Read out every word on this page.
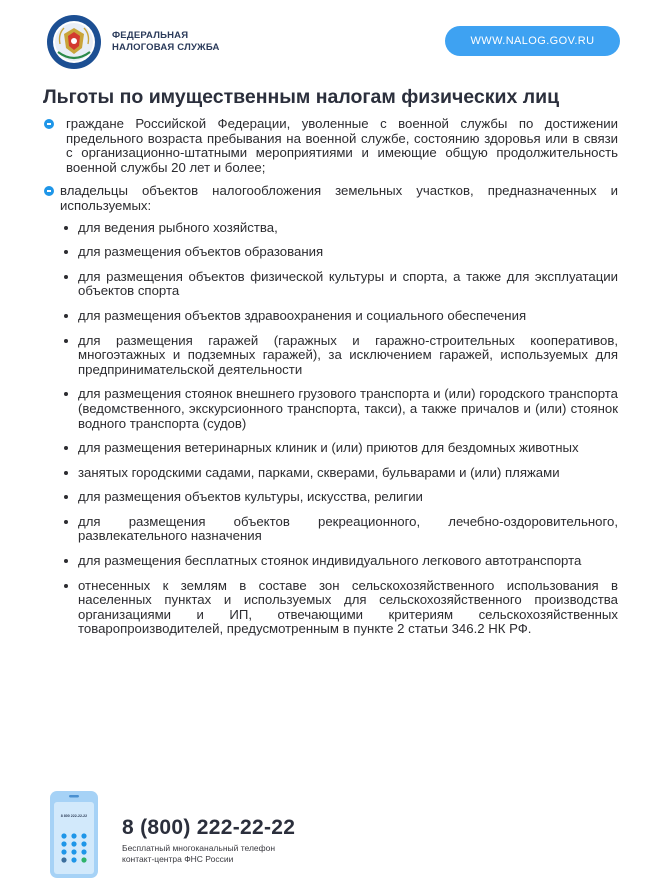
ФЕДЕРАЛЬНАЯ
НАЛОГОВАЯ СЛУЖБА	WWW.NALOG.GOV.RU
Льготы по имущественным налогам физических лиц

граждане Российской Федерации, уволенные с военной службы по достижении предельного возраста пребывания на военной службе, состоянию здоровья или в связи с организационно-штатными мероприятиями и имеющие общую продолжительность военной службы 20 лет и более;

владельцы объектов налогообложения земельных участков, предназначенных и используемых:

для ведения рыбного хозяйства,
для размещения объектов образования
для размещения объектов физической культуры и спорта, а также для эксплуатации объектов спорта
для размещения объектов здравоохранения и социального обеспечения
для размещения гаражей (гаражных и гаражно-строительных кооперативов, многоэтажных и подземных гаражей), за исключением гаражей, используемых для предпринимательской деятельности
для размещения стоянок внешнего грузового транспорта и (или) городского транспорта (ведомственного, экскурсионного транспорта, такси), а также причалов и (или) стоянок водного транспорта (судов)
для размещения ветеринарных клиник и (или) приютов для бездомных животных
занятых городскими садами, парками, скверами, бульварами и (или) пляжами
для размещения объектов культуры, искусства, религии
для размещения объектов рекреационного, лечебно-оздоровительного, развлекательного назначения
для размещения бесплатных стоянок индивидуального легкового автотранспорта
отнесенных к землям в составе зон сельскохозяйственного использования в населенных пунктах и используемых для сельскохозяйственного производства организациями и ИП, отвечающими критериям сельскохозяйственных товаропроизводителей, предусмотренным в пункте 2 статьи 346.2 НК РФ.
8 800 222-22-22 8 (800) 222-22-22
Бесплатный многоканальный телефон
контакт-центра ФНС России
